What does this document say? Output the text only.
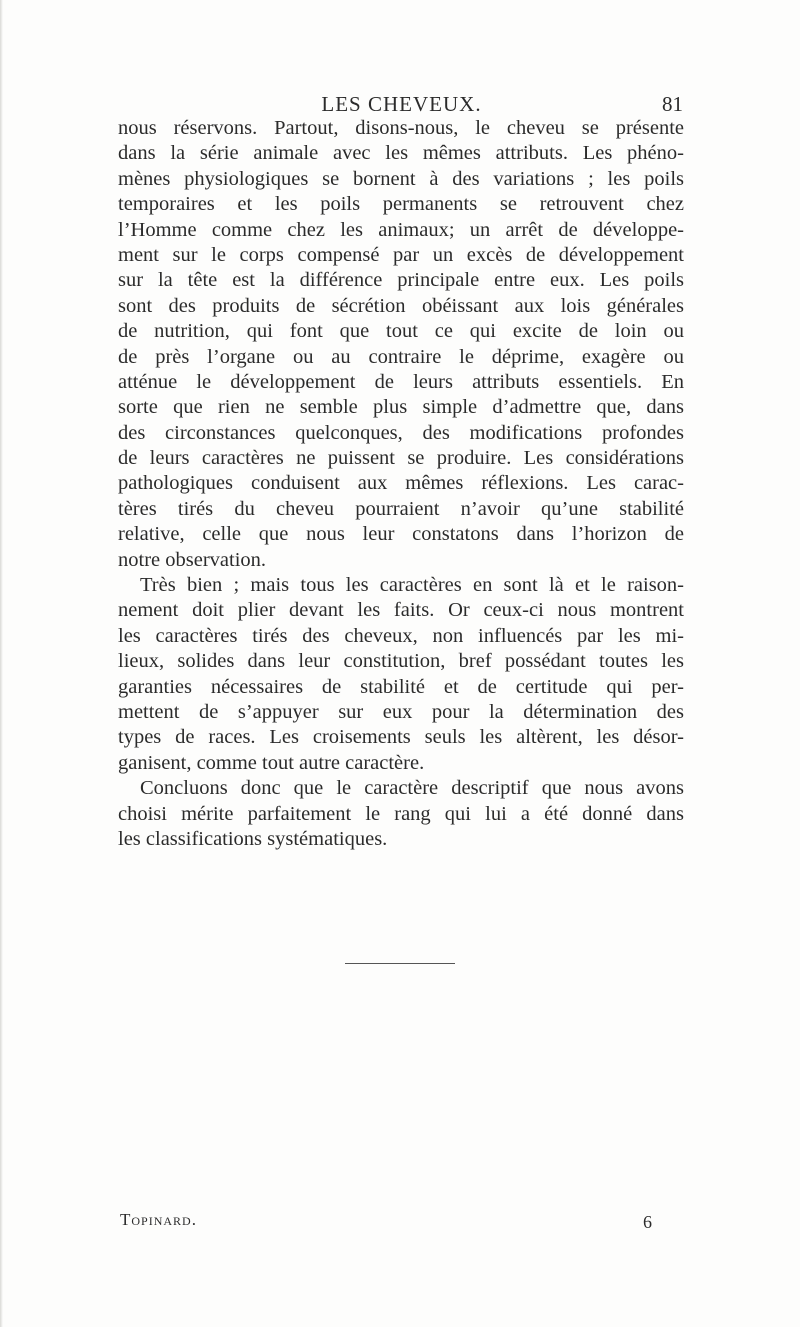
LES CHEVEUX.	81
nous réservons. Partout, disons-nous, le cheveu se présente
dans la série animale avec les mêmes attributs. Les phéno-
mènes physiologiques se bornent à des variations ; les poils
temporaires et les poils permanents se retrouvent chez
l’Homme comme chez les animaux; un arrêt de développe-
ment sur le corps compensé par un excès de développement
sur la tête est la différence principale entre eux. Les poils
sont des produits de sécrétion obéissant aux lois générales
de nutrition, qui font que tout ce qui excite de loin ou
de près l’organe ou au contraire le déprime, exagère ou
atténue le développement de leurs attributs essentiels. En
sorte que rien ne semble plus simple d’admettre que, dans
des circonstances quelconques, des modifications profondes
de leurs caractères ne puissent se produire. Les considérations
pathologiques conduisent aux mêmes réflexions. Les carac-
tères tirés du cheveu pourraient n’avoir qu’une stabilité
relative, celle que nous leur constatons dans l’horizon de
notre observation.
Très bien ; mais tous les caractères en sont là et le raison-
nement doit plier devant les faits. Or ceux-ci nous montrent
les caractères tirés des cheveux, non influencés par les mi-
lieux, solides dans leur constitution, bref possédant toutes les
garanties nécessaires de stabilité et de certitude qui per-
mettent de s’appuyer sur eux pour la détermination des
types de races. Les croisements seuls les altèrent, les désor-
ganisent, comme tout autre caractère.
Concluons donc que le caractère descriptif que nous avons
choisi mérite parfaitement le rang qui lui a été donné dans
les classifications systématiques.
Topinard.	6
